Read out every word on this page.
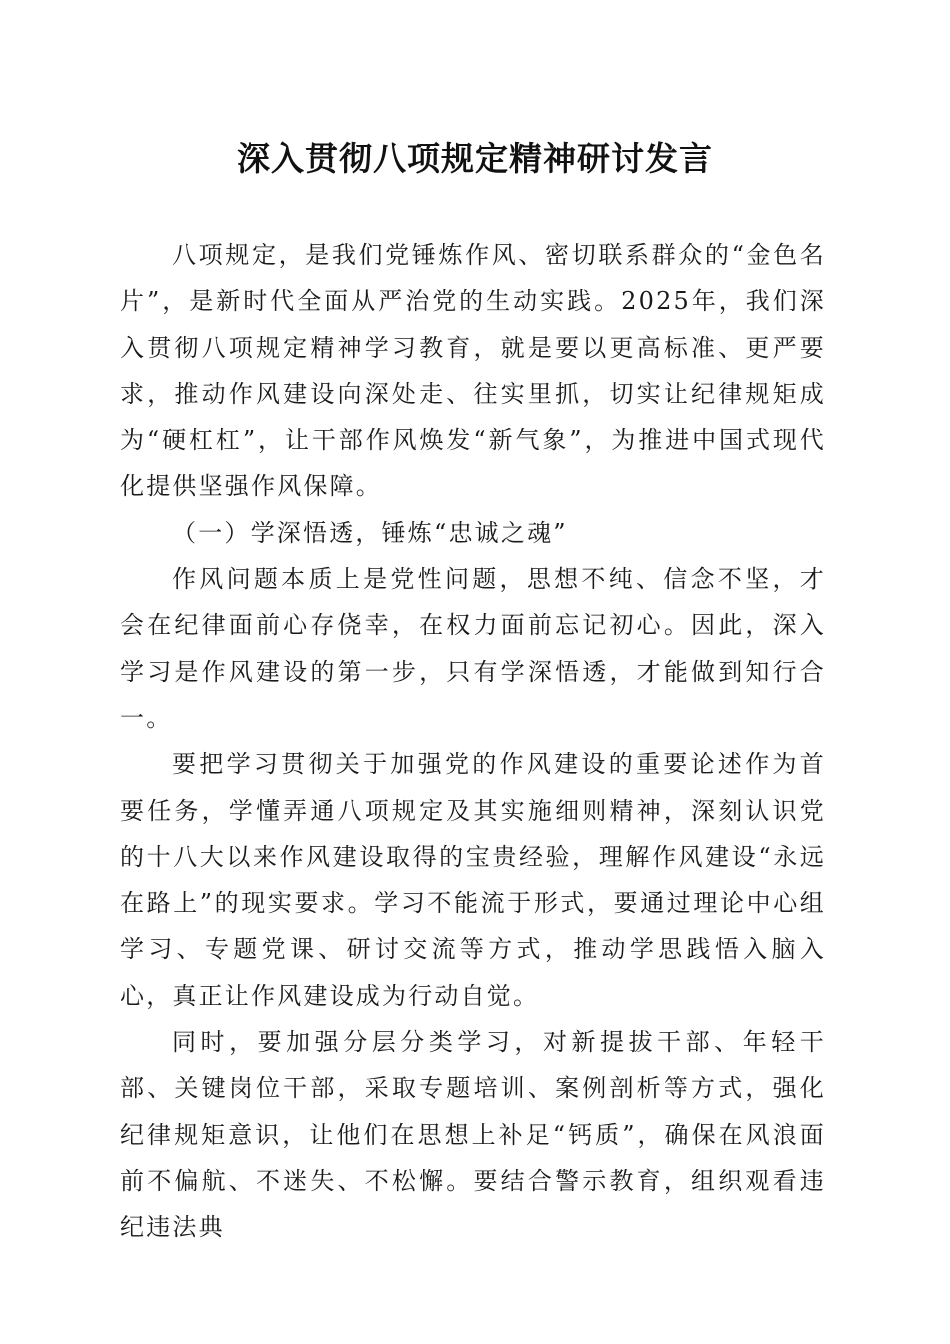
深入贯彻八项规定精神研讨发言

八项规定，是我们党锤炼作风、密切联系群众的“金色名片”，是新时代全面从严治党的生动实践。2025年，我们深入贯彻八项规定精神学习教育，就是要以更高标准、更严要求，推动作风建设向深处走、往实里抓，切实让纪律规矩成为“硬杠杠”，让干部作风焕发“新气象”，为推进中国式现代化提供坚强作风保障。

（一）学深悟透，锤炼“忠诚之魂”

作风问题本质上是党性问题，思想不纯、信念不坚，才会在纪律面前心存侥幸，在权力面前忘记初心。因此，深入学习是作风建设的第一步，只有学深悟透，才能做到知行合一。

要把学习贯彻关于加强党的作风建设的重要论述作为首要任务，学懂弄通八项规定及其实施细则精神，深刻认识党的十八大以来作风建设取得的宝贵经验，理解作风建设“永远在路上”的现实要求。学习不能流于形式，要通过理论中心组学习、专题党课、研讨交流等方式，推动学思践悟入脑入心，真正让作风建设成为行动自觉。

同时，要加强分层分类学习，对新提拔干部、年轻干部、关键岗位干部，采取专题培训、案例剖析等方式，强化纪律规矩意识，让他们在思想上补足“钙质”，确保在风浪面前不偏航、不迷失、不松懈。要结合警示教育，组织观看违纪违法典
